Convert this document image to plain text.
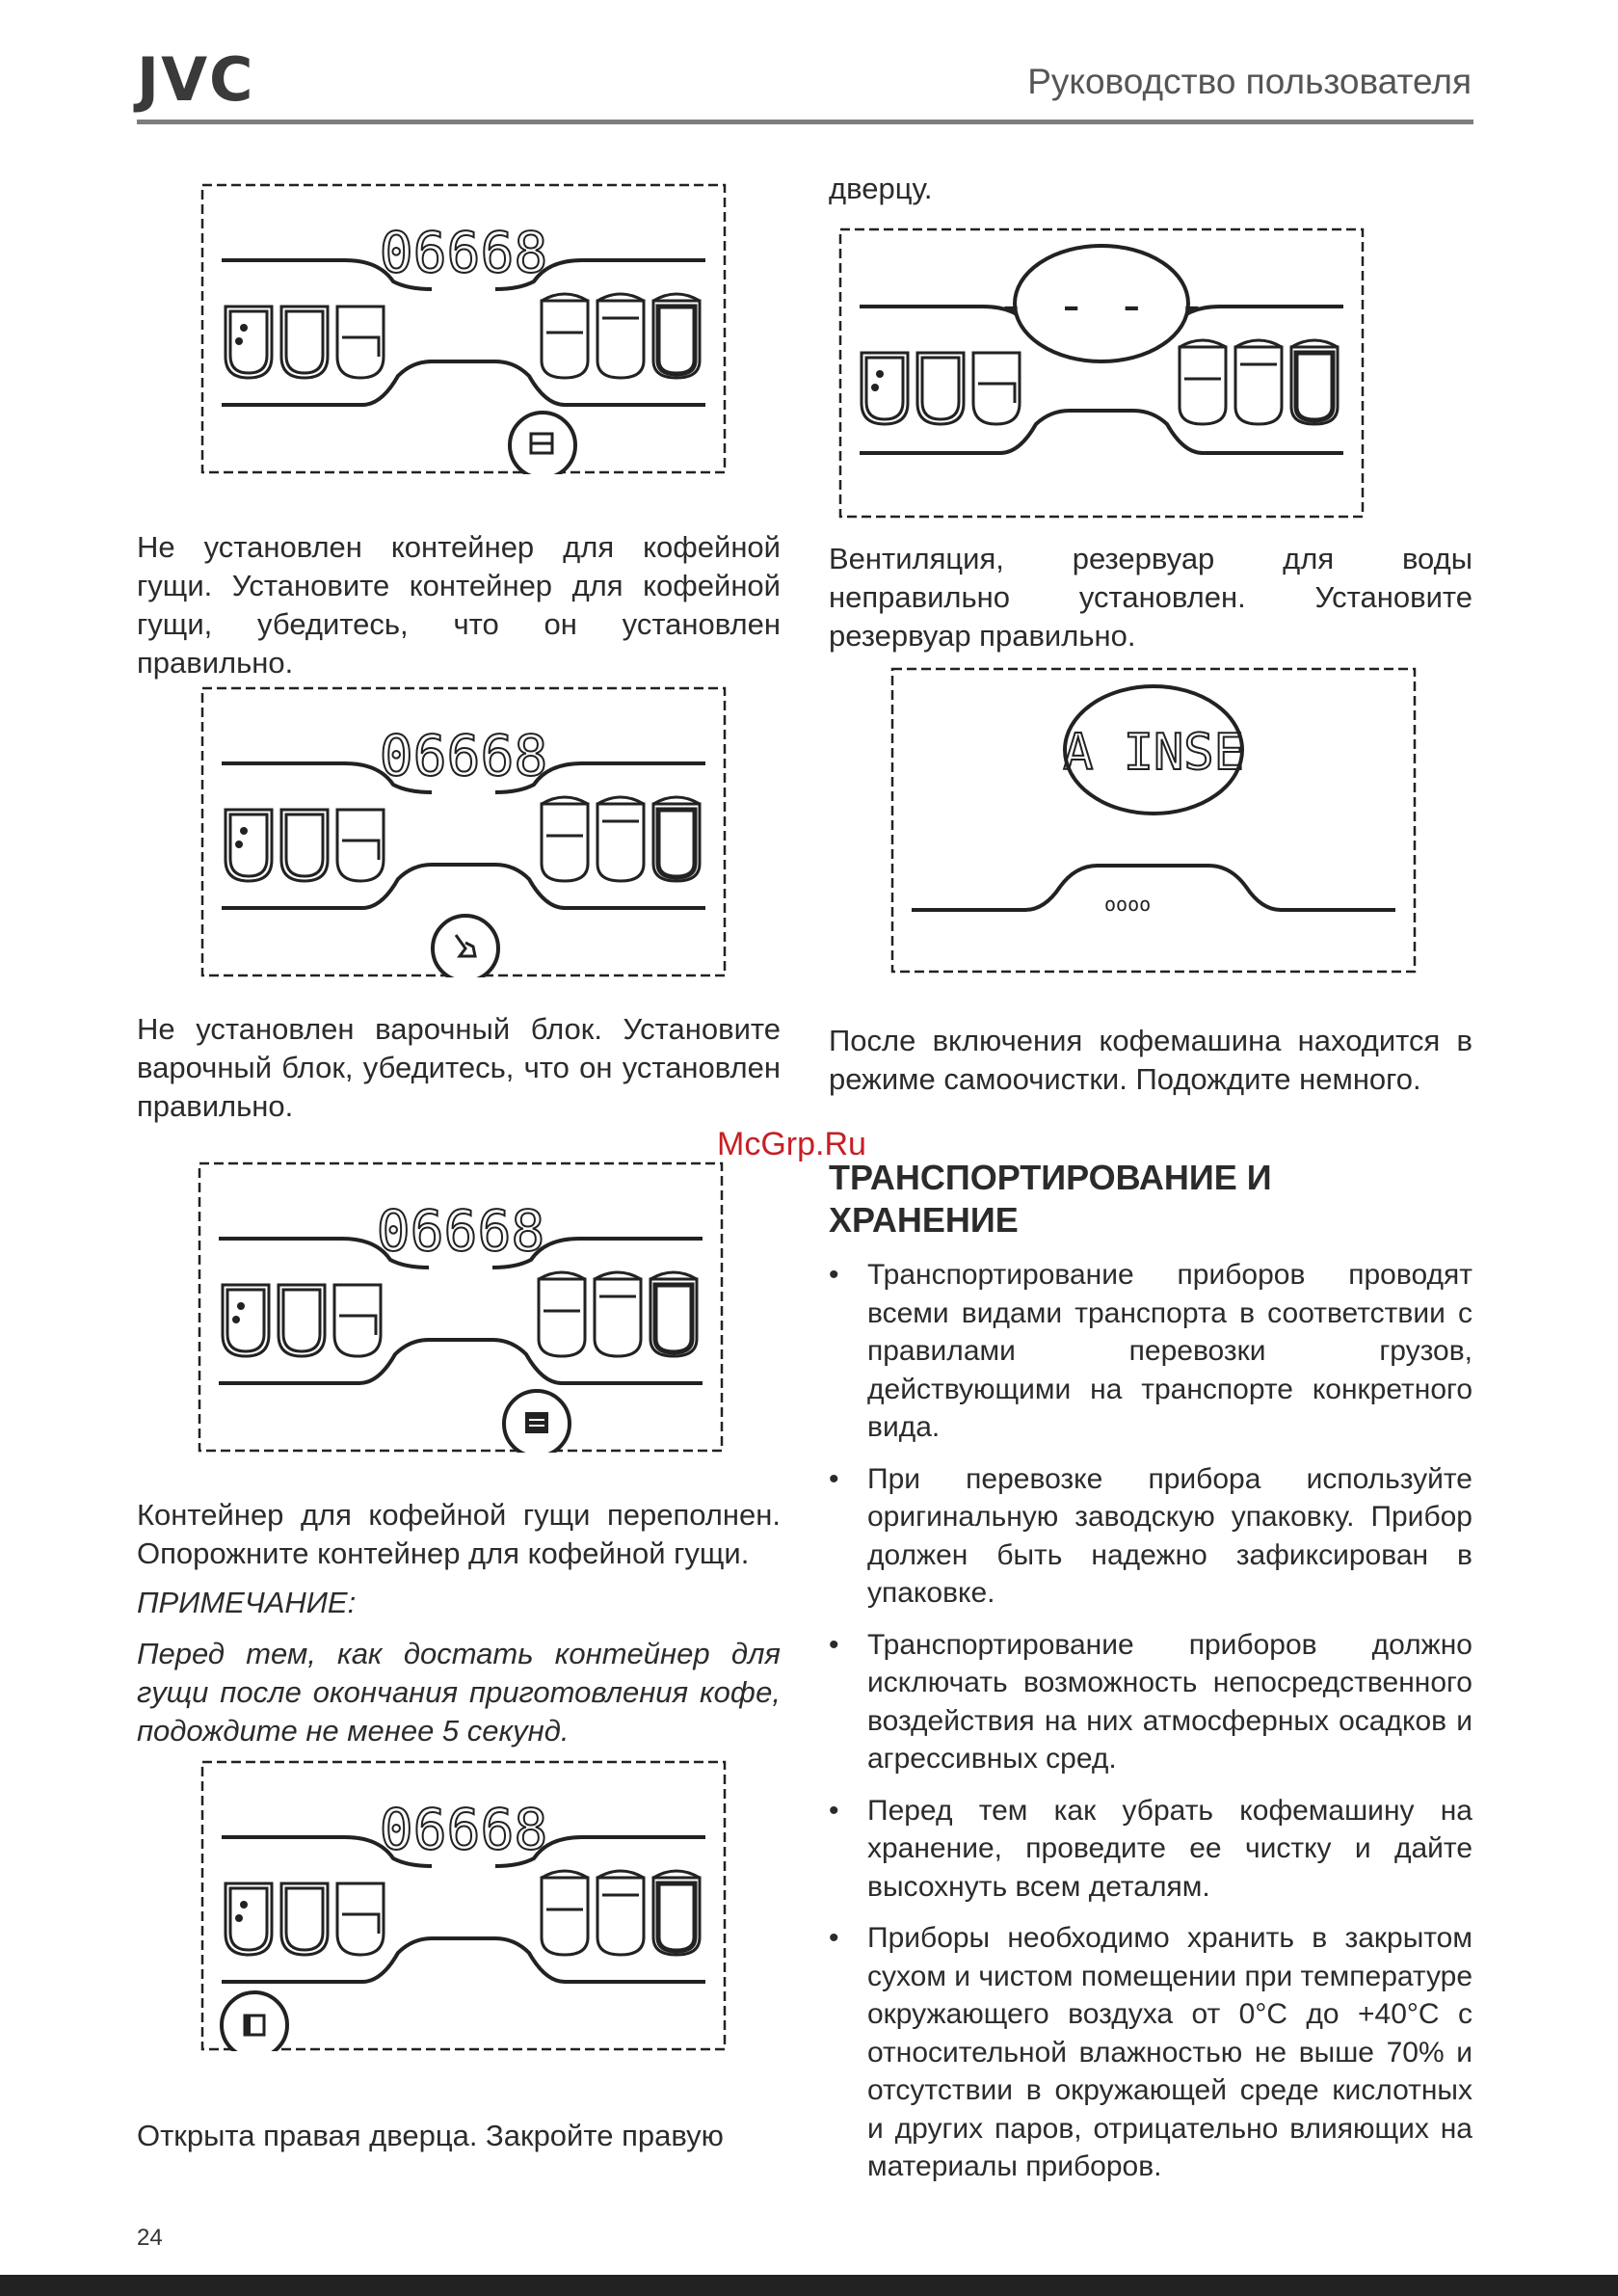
JVC	Руководство пользователя
06668
Не установлен контейнер для кофейной гущи. Установите контейнер для кофейной гущи, убедитесь, что он установлен правильно.
06668
Не установлен варочный блок. Установите варочный блок, убедитесь, что он установлен правильно.
06668
Контейнер для кофейной гущи переполнен. Опорожните контейнер для кофейной гущи.
ПРИМЕЧАНИЕ:
Перед тем, как достать контейнер для гущи после окончания приготовления кофе, подождите не менее 5 секунд.
06668
Открыта правая дверца. Закройте правую
дверцу.
- - - -
Вентиляция, резервуар для воды неправильно установлен. Установите резервуар правильно.
A INSE
oooo
После включения кофемашина находится в режиме самоочистки. Подождите немного.
McGrp.Ru
ТРАНСПОРТИРОВАНИЕ И ХРАНЕНИЕ
• Транспортирование приборов проводят всеми видами транспорта в соответствии с правилами перевозки грузов, действующими на транспорте конкретного вида.
• При перевозке прибора используйте оригинальную заводскую упаковку. Прибор должен быть надежно зафиксирован в упаковке.
• Транспортирование приборов должно исключать возможность непосредственного воздействия на них атмосферных осадков и агрессивных сред.
• Перед тем как убрать кофемашину на хранение, проведите ее чистку и дайте высохнуть всем деталям.
• Приборы необходимо хранить в закрытом сухом и чистом помещении при температуре окружающего воздуха от 0°С до +40°С с относительной влажностью не выше 70% и отсутствии в окружающей среде кислотных и других паров, отрицательно влияющих на материалы приборов.
24
